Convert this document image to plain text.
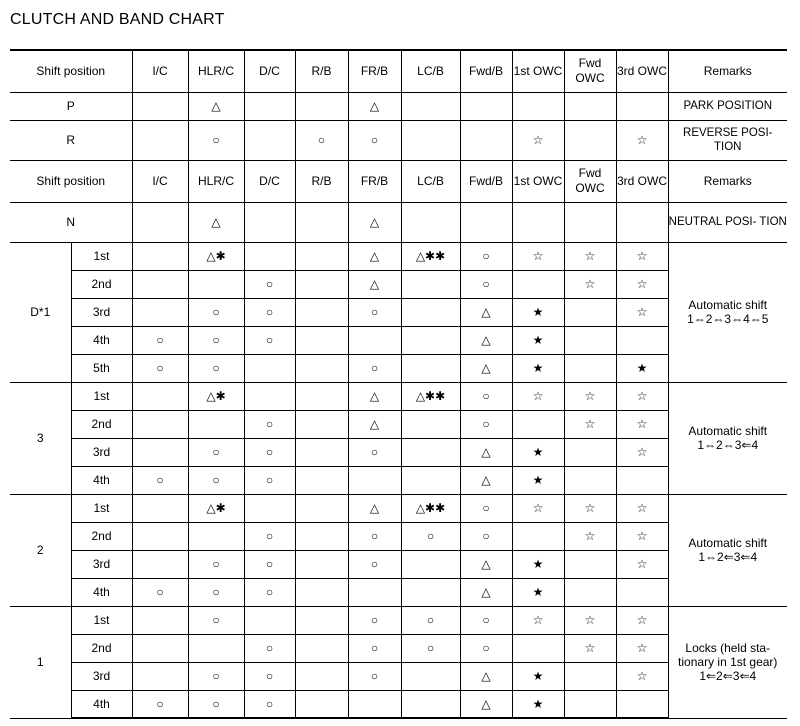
CLUTCH AND BAND CHART
Shift position		I/C	HLR/C	D/C	R/B	FR/B	LC/B	Fwd/B	1st OWC	Fwd OWC	3rd OWC	Remarks
P			△			△						PARK POSITION
R			○		○	○			☆		☆	REVERSE POSI- TION
Shift position		I/C	HLR/C	D/C	R/B	FR/B	LC/B	Fwd/B	1st OWC	Fwd OWC	3rd OWC	Remarks
N			△			△						NEUTRAL POSI- TION
D*1	1st		△✱			△	△✱✱	○	☆	☆	☆	Automatic shift 1⇔2⇔3⇔4⇔5
	2nd			○		△		○		☆	☆	
	3rd		○	○		○		△	★		☆	
	4th	○	○	○				△	★			
	5th	○	○			○		△	★		★	
3	1st		△✱			△	△✱✱	○	☆	☆	☆	Automatic shift 1⇔2⇔3⇐4
	2nd			○		△		○		☆	☆	
	3rd		○	○		○		△	★		☆	
	4th	○	○	○				△	★			
2	1st		△✱			△	△✱✱	○	☆	☆	☆	Automatic shift 1⇔2⇐3⇐4
	2nd			○		○	○	○		☆	☆	
	3rd		○	○		○		△	★		☆	
	4th	○	○	○				△	★			
1	1st		○			○	○	○	☆	☆	☆	Locks (held sta- tionary in 1st gear) 1⇐2⇐3⇐4
	2nd			○		○	○	○		☆	☆	
	3rd		○	○		○		△	★		☆	
	4th	○	○	○				△	★			
